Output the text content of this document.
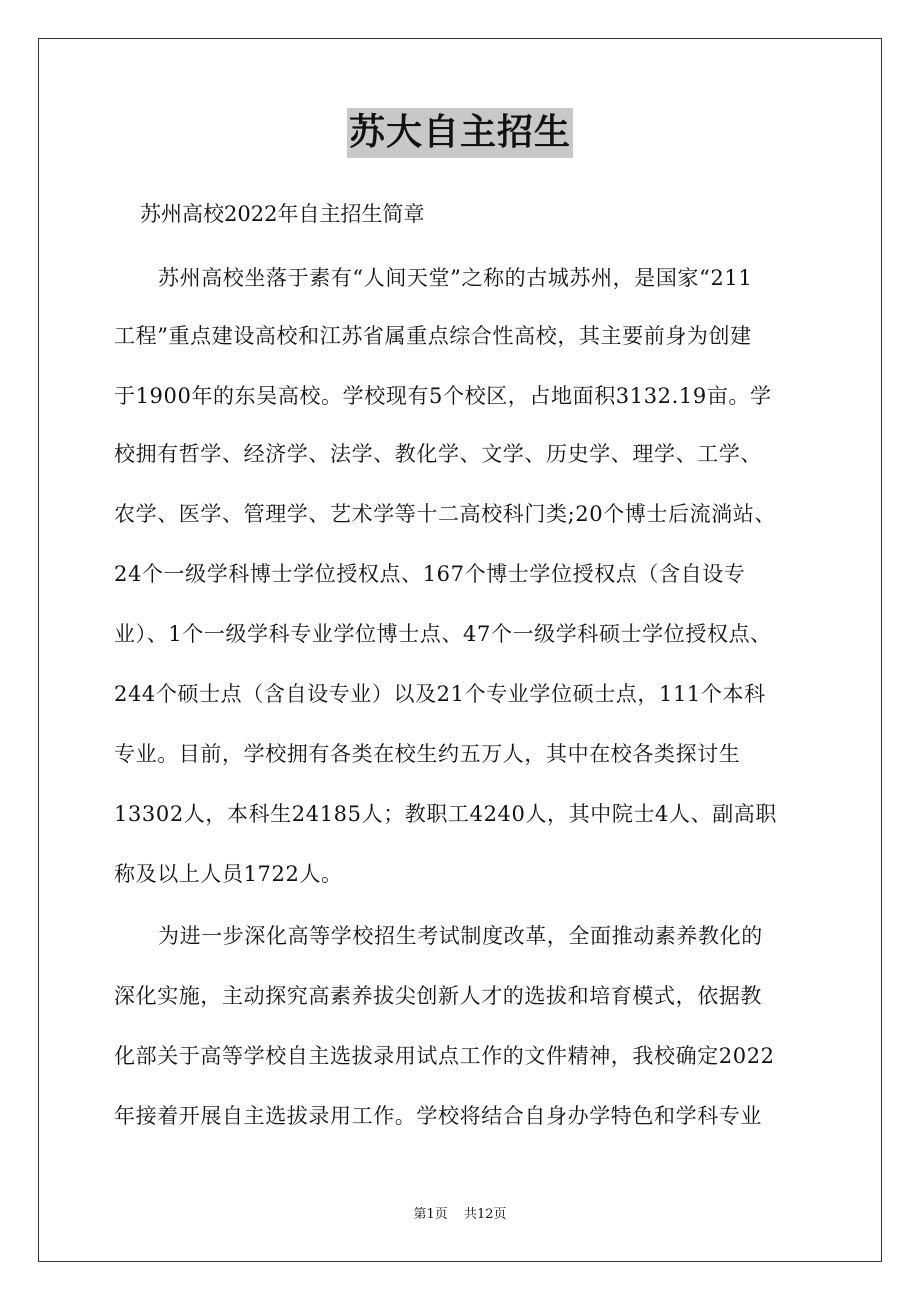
苏大自主招生
苏州高校2022年自主招生简章
苏州高校坐落于素有“人间天堂”之称的古城苏州，是国家“211
工程”重点建设高校和江苏省属重点综合性高校，其主要前身为创建
于1900年的东吴高校。学校现有5个校区，占地面积3132.19亩。学
校拥有哲学、经济学、法学、教化学、文学、历史学、理学、工学、
农学、医学、管理学、艺术学等十二高校科门类;20个博士后流淌站、
24个一级学科博士学位授权点、167个博士学位授权点（含自设专
业）、1个一级学科专业学位博士点、47个一级学科硕士学位授权点、
244个硕士点（含自设专业）以及21个专业学位硕士点，111个本科
专业。目前，学校拥有各类在校生约五万人，其中在校各类探讨生
13302人，本科生24185人；教职工4240人，其中院士4人、副高职
称及以上人员1722人。
为进一步深化高等学校招生考试制度改革，全面推动素养教化的
深化实施，主动探究高素养拔尖创新人才的选拔和培育模式，依据教
化部关于高等学校自主选拔录用试点工作的文件精神，我校确定2022
年接着开展自主选拔录用工作。学校将结合自身办学特色和学科专业
第1页 共12页
